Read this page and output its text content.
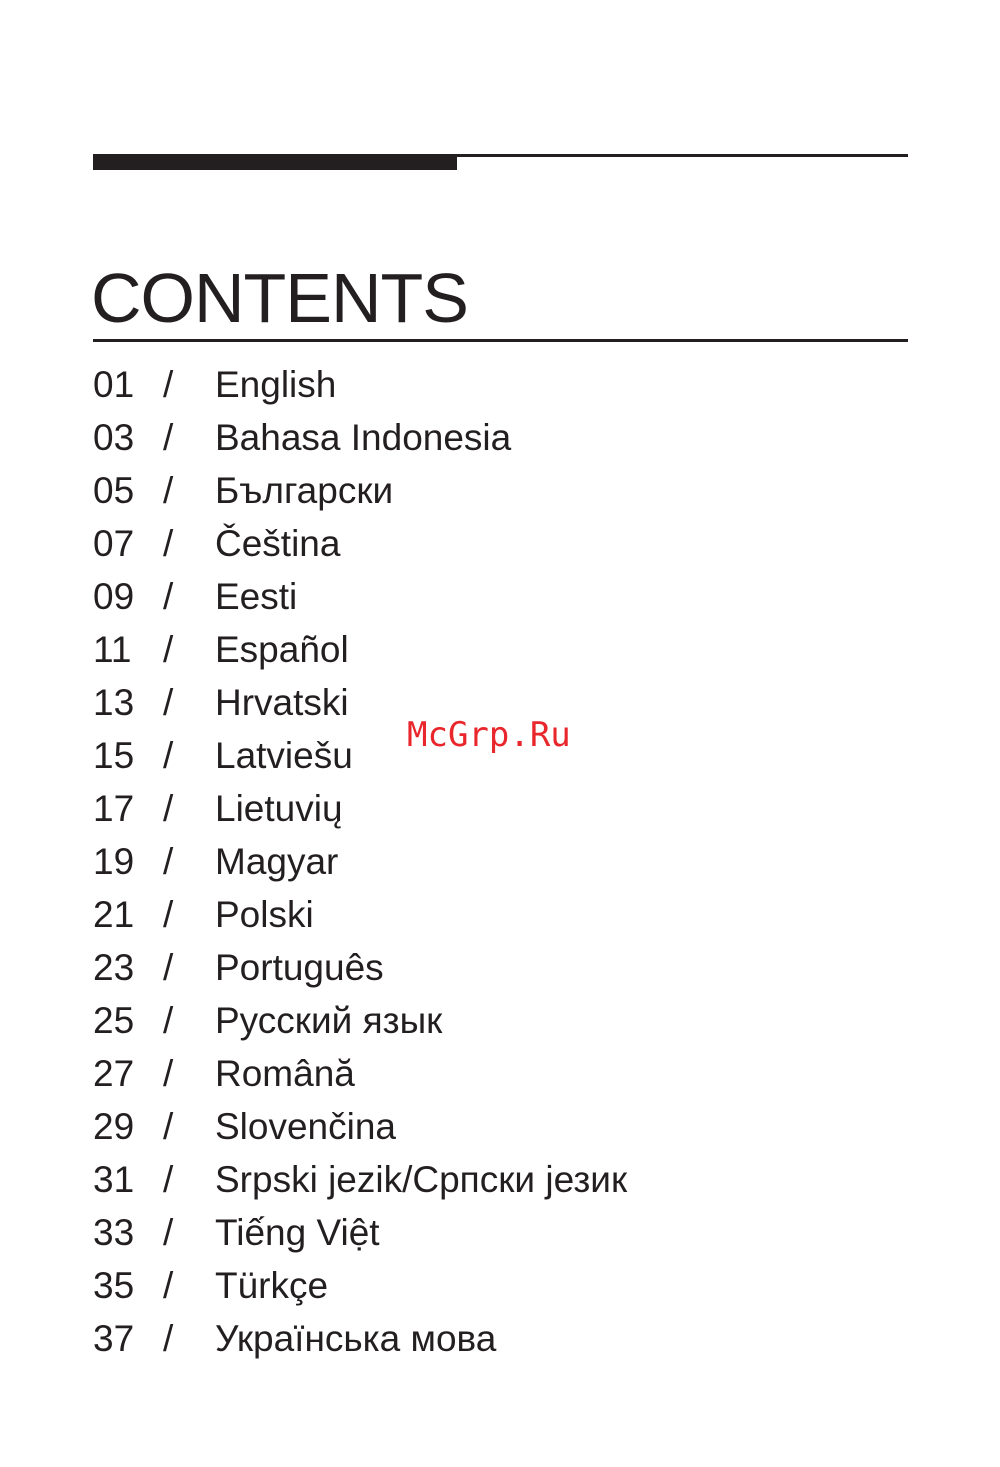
CONTENTS
01 / English
03 / Bahasa Indonesia
05 / Български
07 / Čeština
09 / Eesti
11 / Español
13 / Hrvatski
15 / Latviešu
17 / Lietuvių
19 / Magyar
21 / Polski
23 / Português
25 / Русский язык
27 / Română
29 / Slovenčina
31 / Srpski jezik/Српски језик
33 / Tiếng Việt
35 / Türkçe
37 / Українська мова
McGrp.Ru
